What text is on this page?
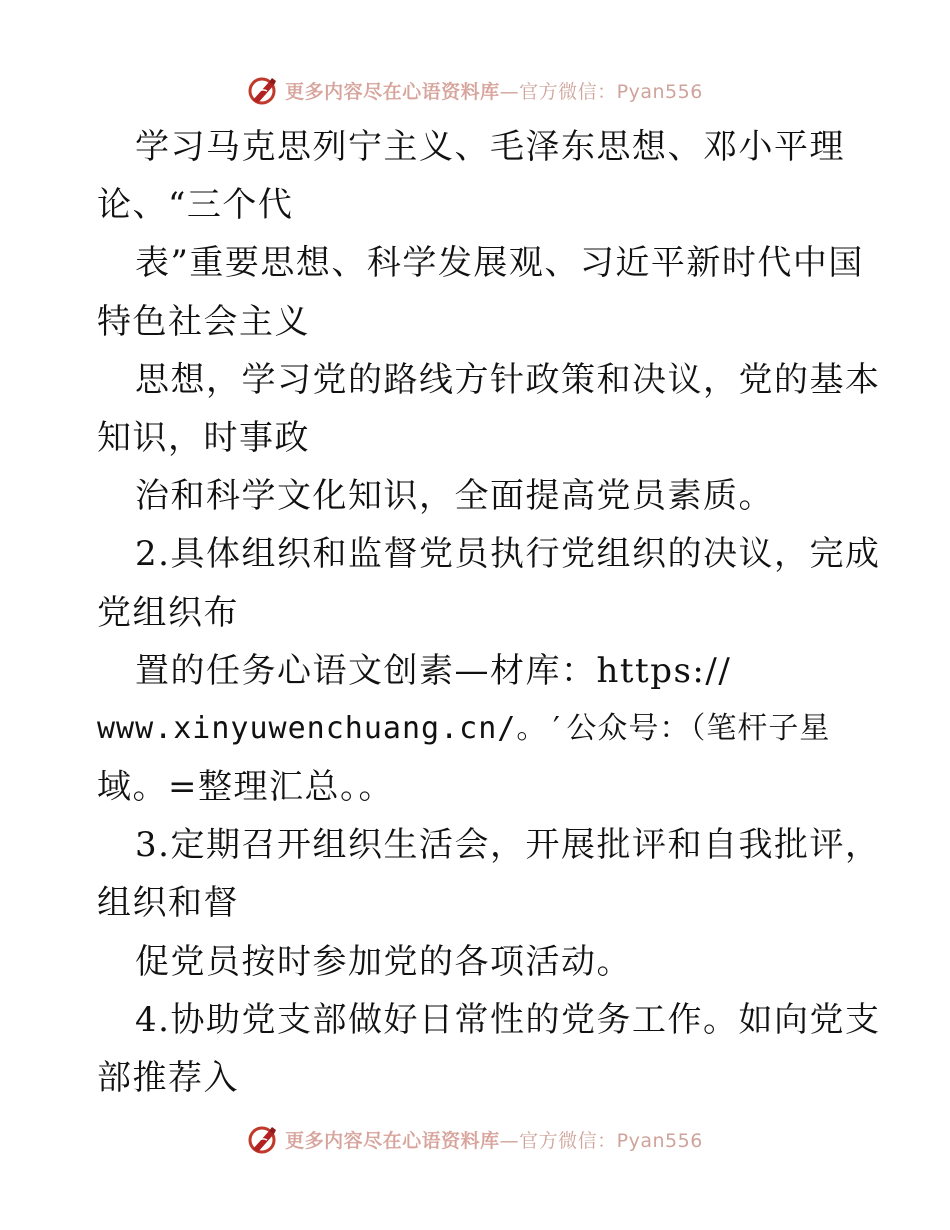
更多内容尽在心语资料库—官方微信：Pyan556
学习马克思列宁主义、毛泽东思想、邓小平理
论、“三个代
表”重要思想、科学发展观、习近平新时代中国
特色社会主义
思想，学习党的路线方针政策和决议，党的基本
知识，时事政
治和科学文化知识，全面提高党员素质。
2.具体组织和监督党员执行党组织的决议，完成
党组织布
置的任务心语文创素—材库：https://
www.xinyuwenchuang.cn/。′公众号：（笔杆子星
域。=整理汇总。。
3.定期召开组织生活会，开展批评和自我批评，
组织和督
促党员按时参加党的各项活动。
4.协助党支部做好日常性的党务工作。如向党支
部推荐入
更多内容尽在心语资料库—官方微信：Pyan556
